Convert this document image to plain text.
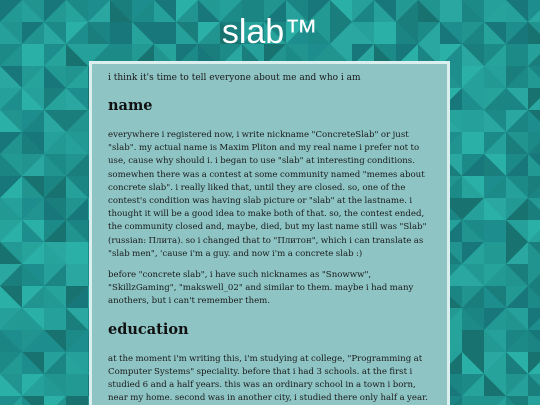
slab™

i think it's time to tell everyone about me and who i am

name

everywhere i registered now, i write nickname "ConcreteSlab" or just "slab". my actual name is Maxim Pliton and my real name i prefer not to use, cause why should i. i began to use "slab" at interesting conditions. somewhen there was a contest at some community named "memes about concrete slab". i really liked that, until they are closed. so, one of the contest's condition was having slab picture or "slab" at the lastname. i thought it will be a good idea to make both of that. so, the contest ended, the community closed and, maybe, died, but my last name still was "Slab" (russian: Плита). so i changed that to "Плитон", which i can translate as "slab men", 'cause i'm a guy. and now i'm a concrete slab :)

before "concrete slab", i have such nicknames as "Snowww", "SkillzGaming", "makswell_02" and similar to them. maybe i had many anothers, but i can't remember them.

education

at the moment i'm writing this, i'm studying at college, "Programming at Computer Systems" speciality. before that i had 3 schools. at the first i studied 6 and a half years. this was an ordinary school in a town i born, near my home. second was in another city, i studied there only half a year.
